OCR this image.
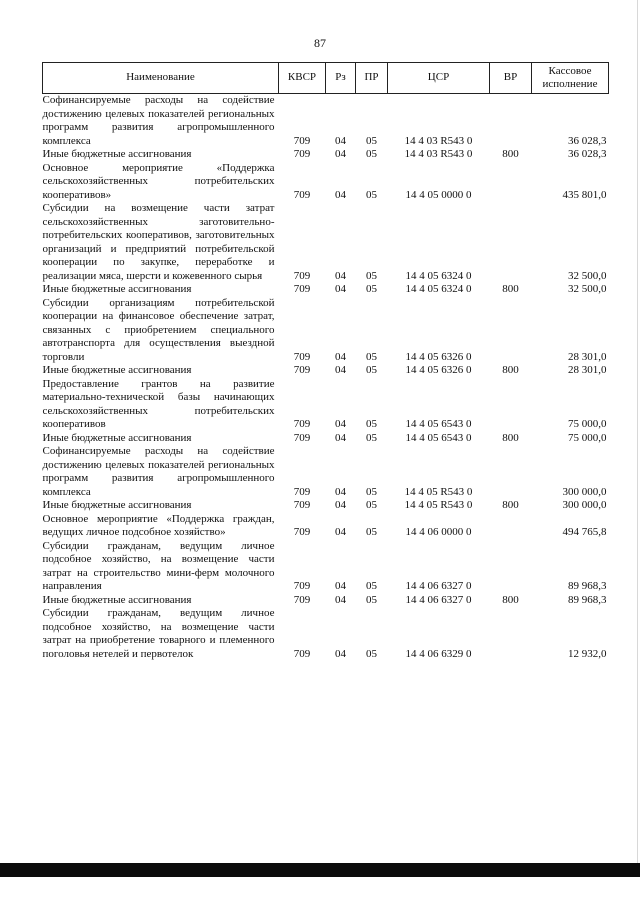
87
Наименование	КВСР	Рз	ПР	ЦСР	ВР	Кассовое исполнение
Софинансируемые расходы на содействие достижению целевых показателей региональных программ развития агропромышленного комплекса	709	04	05	14 4 03 R543 0		36 028,3
Иные бюджетные ассигнования	709	04	05	14 4 03 R543 0	800	36 028,3
Основное мероприятие «Поддержка сельскохозяйственных потребительских кооперативов»	709	04	05	14 4 05 0000 0		435 801,0
Субсидии на возмещение части затрат сельскохозяйственных заготовительно-потребительских кооперативов, заготовительных организаций и предприятий потребительской кооперации по закупке, переработке и реализации мяса, шерсти и кожевенного сырья	709	04	05	14 4 05 6324 0		32 500,0
Иные бюджетные ассигнования	709	04	05	14 4 05 6324 0	800	32 500,0
Субсидии организациям потребительской кооперации на финансовое обеспечение затрат, связанных с приобретением специального автотранспорта для осуществления выездной торговли	709	04	05	14 4 05 6326 0		28 301,0
Иные бюджетные ассигнования	709	04	05	14 4 05 6326 0	800	28 301,0
Предоставление грантов на развитие материально-технической базы начинающих сельскохозяйственных потребительских кооперативов	709	04	05	14 4 05 6543 0		75 000,0
Иные бюджетные ассигнования	709	04	05	14 4 05 6543 0	800	75 000,0
Софинансируемые расходы на содействие достижению целевых показателей региональных программ развития агропромышленного комплекса	709	04	05	14 4 05 R543 0		300 000,0
Иные бюджетные ассигнования	709	04	05	14 4 05 R543 0	800	300 000,0
Основное мероприятие «Поддержка граждан, ведущих личное подсобное хозяйство»	709	04	05	14 4 06 0000 0		494 765,8
Субсидии гражданам, ведущим личное подсобное хозяйство, на возмещение части затрат на строительство мини-ферм молочного направления	709	04	05	14 4 06 6327 0		89 968,3
Иные бюджетные ассигнования	709	04	05	14 4 06 6327 0	800	89 968,3
Субсидии гражданам, ведущим личное подсобное хозяйство, на возмещение части затрат на приобретение товарного и племенного поголовья нетелей и первотелок	709	04	05	14 4 06 6329 0		12 932,0
